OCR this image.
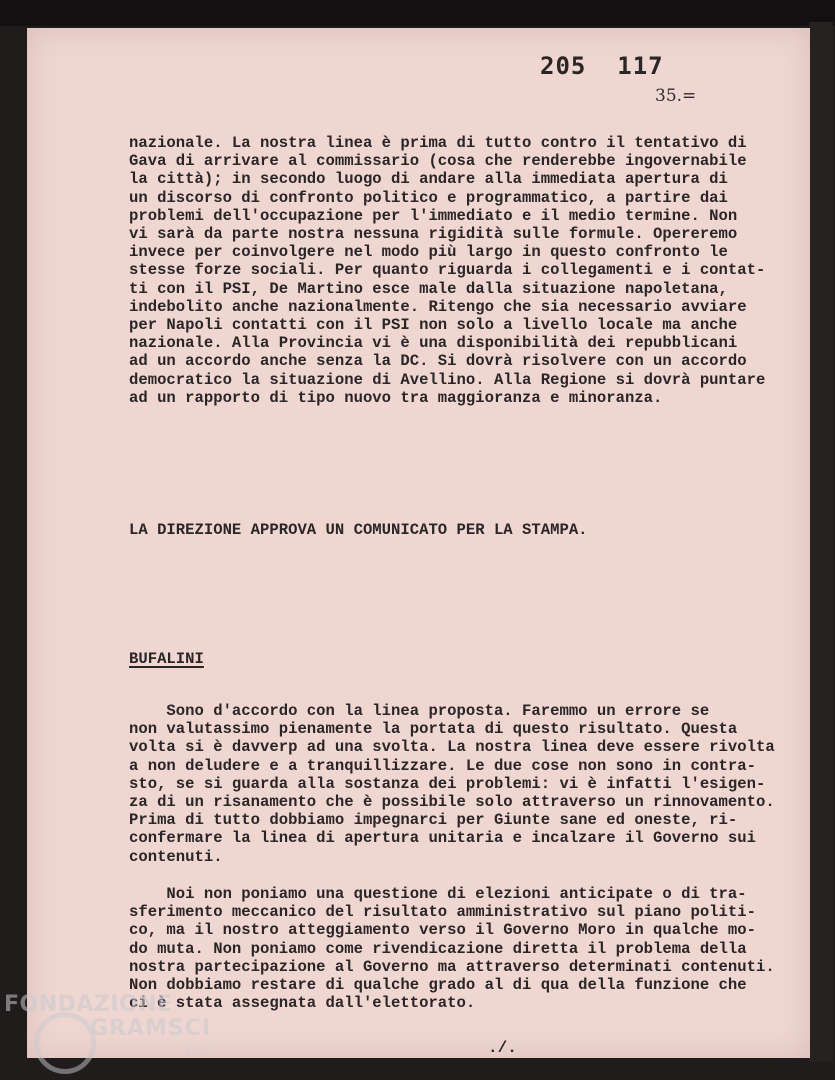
205  117
35.=
nazionale. La nostra linea è prima di tutto contro il tentativo di
Gava di arrivare al commissario (cosa che renderebbe ingovernabile
la città); in secondo luogo di andare alla immediata apertura di
un discorso di confronto politico e programmatico, a partire dai
problemi dell'occupazione per l'immediato e il medio termine. Non
vi sarà da parte nostra nessuna rigidità sulle formule. Opereremo
invece per coinvolgere nel modo più largo in questo confronto le
stesse forze sociali. Per quanto riguarda i collegamenti e i contat-
ti con il PSI, De Martino esce male dalla situazione napoletana,
indebolito anche nazionalmente. Ritengo che sia necessario avviare
per Napoli contatti con il PSI non solo a livello locale ma anche
nazionale. Alla Provincia vi è una disponibilità dei repubblicani
ad un accordo anche senza la DC. Si dovrà risolvere con un accordo
democratico la situazione di Avellino. Alla Regione si dovrà puntare
ad un rapporto di tipo nuovo tra maggioranza e minoranza.
LA DIREZIONE APPROVA UN COMUNICATO PER LA STAMPA.
BUFALINI
Sono d'accordo con la linea proposta. Faremmo un errore se
non valutassimo pienamente la portata di questo risultato. Questa
volta si è davverp ad una svolta. La nostra linea deve essere rivolta
a non deludere e a tranquillizzare. Le due cose non sono in contra-
sto, se si guarda alla sostanza dei problemi: vi è infatti l'esigen-
za di un risanamento che è possibile solo attraverso un rinnovamento.
Prima di tutto dobbiamo impegnarci per Giunte sane ed oneste, ri-
confermare la linea di apertura unitaria e incalzare il Governo sui
contenuti.
Noi non poniamo una questione di elezioni anticipate o di tra-
sferimento meccanico del risultato amministrativo sul piano politi-
co, ma il nostro atteggiamento verso il Governo Moro in qualche mo-
do muta. Non poniamo come rivendicazione diretta il problema della
nostra partecipazione al Governo ma attraverso determinati contenuti.
Non dobbiamo restare di qualche grado al di qua della funzione che
ci è stata assegnata dall'elettorato.
./.
FONDAZIONE
GRAMSCI
onlus
